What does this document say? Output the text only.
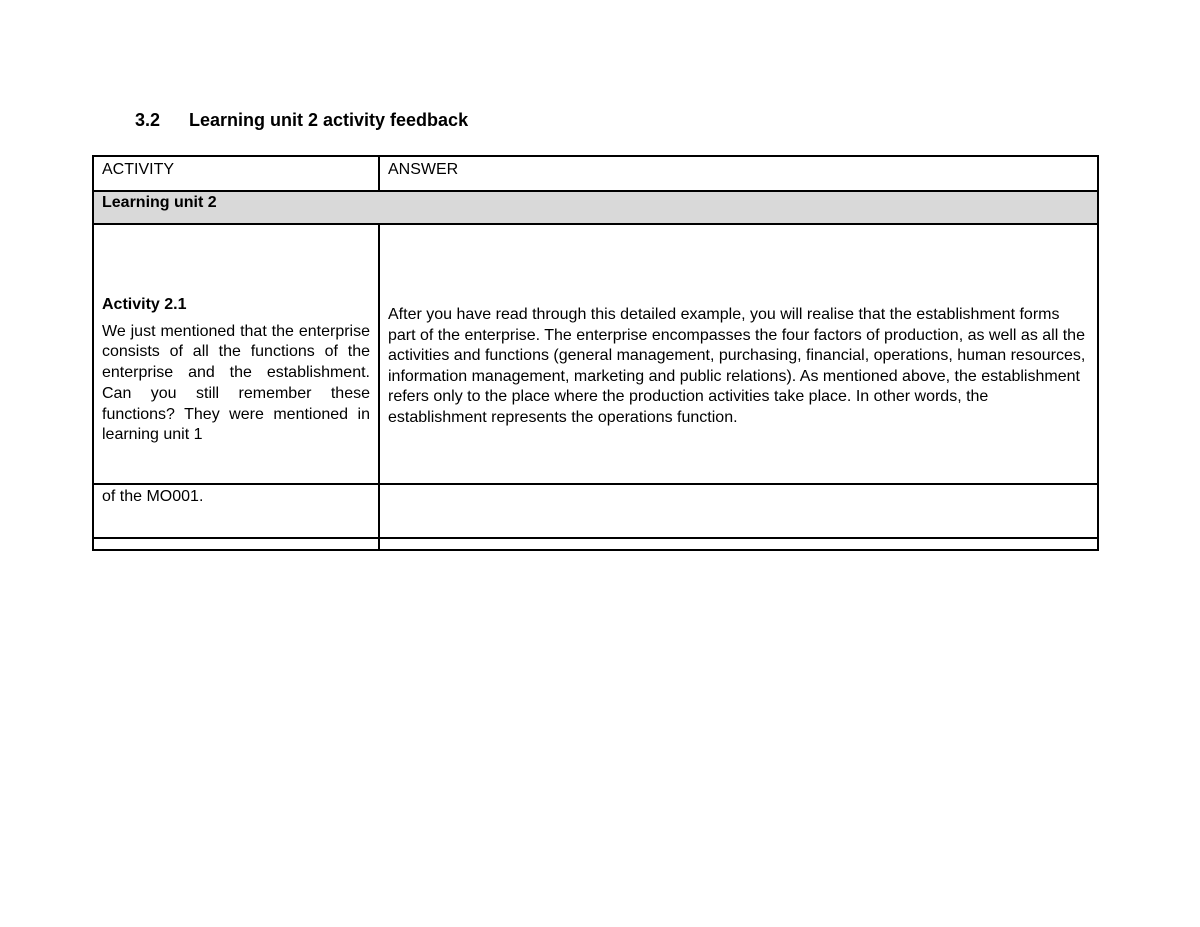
3.2 Learning unit 2 activity feedback
ACTIVITY	ANSWER
Learning unit 2	

Activity 2.1
We just mentioned that the enterprise consists of all the functions of the enterprise and the establishment. Can you still remember these functions? They were mentioned in learning unit 1	After you have read through this detailed example, you will realise that the establishment forms part of the enterprise. The enterprise encompasses the four factors of production, as well as all the activities and functions (general management, purchasing, financial, operations, human resources, information management, marketing and public relations). As mentioned above, the establishment refers only to the place where the production activities take place. In other words, the establishment represents the operations function.
of the MO001.	
